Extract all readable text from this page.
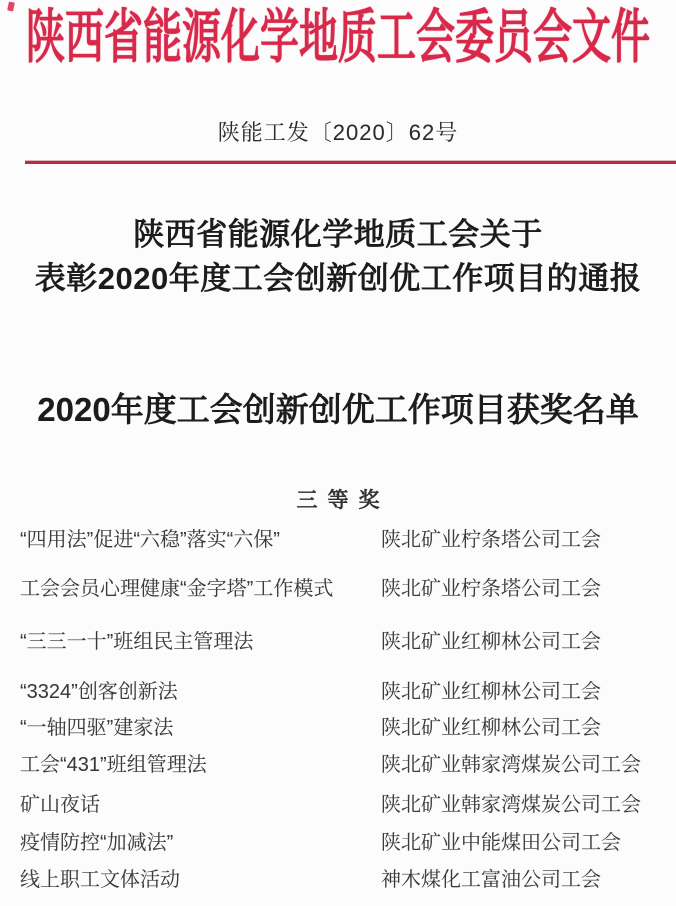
陕西省能源化学地质工会委员会文件
陕能工发〔2020〕62号
陕西省能源化学地质工会关于
表彰2020年度工会创新创优工作项目的通报
2020年度工会创新创优工作项目获奖名单
三等奖
“四用法”促进“六稳”落实“六保”	陕北矿业柠条塔公司工会
工会会员心理健康“金字塔”工作模式 陕北矿业柠条塔公司工会
“三三一十”班组民主管理法	陕北矿业红柳林公司工会
“3324”创客创新法	陕北矿业红柳林公司工会
“一轴四驱”建家法	陕北矿业红柳林公司工会
工会“431”班组管理法	陕北矿业韩家湾煤炭公司工会
矿山夜话	陕北矿业韩家湾煤炭公司工会
疫情防控“加减法”	陕北矿业中能煤田公司工会
线上职工文体活动	神木煤化工富油公司工会
